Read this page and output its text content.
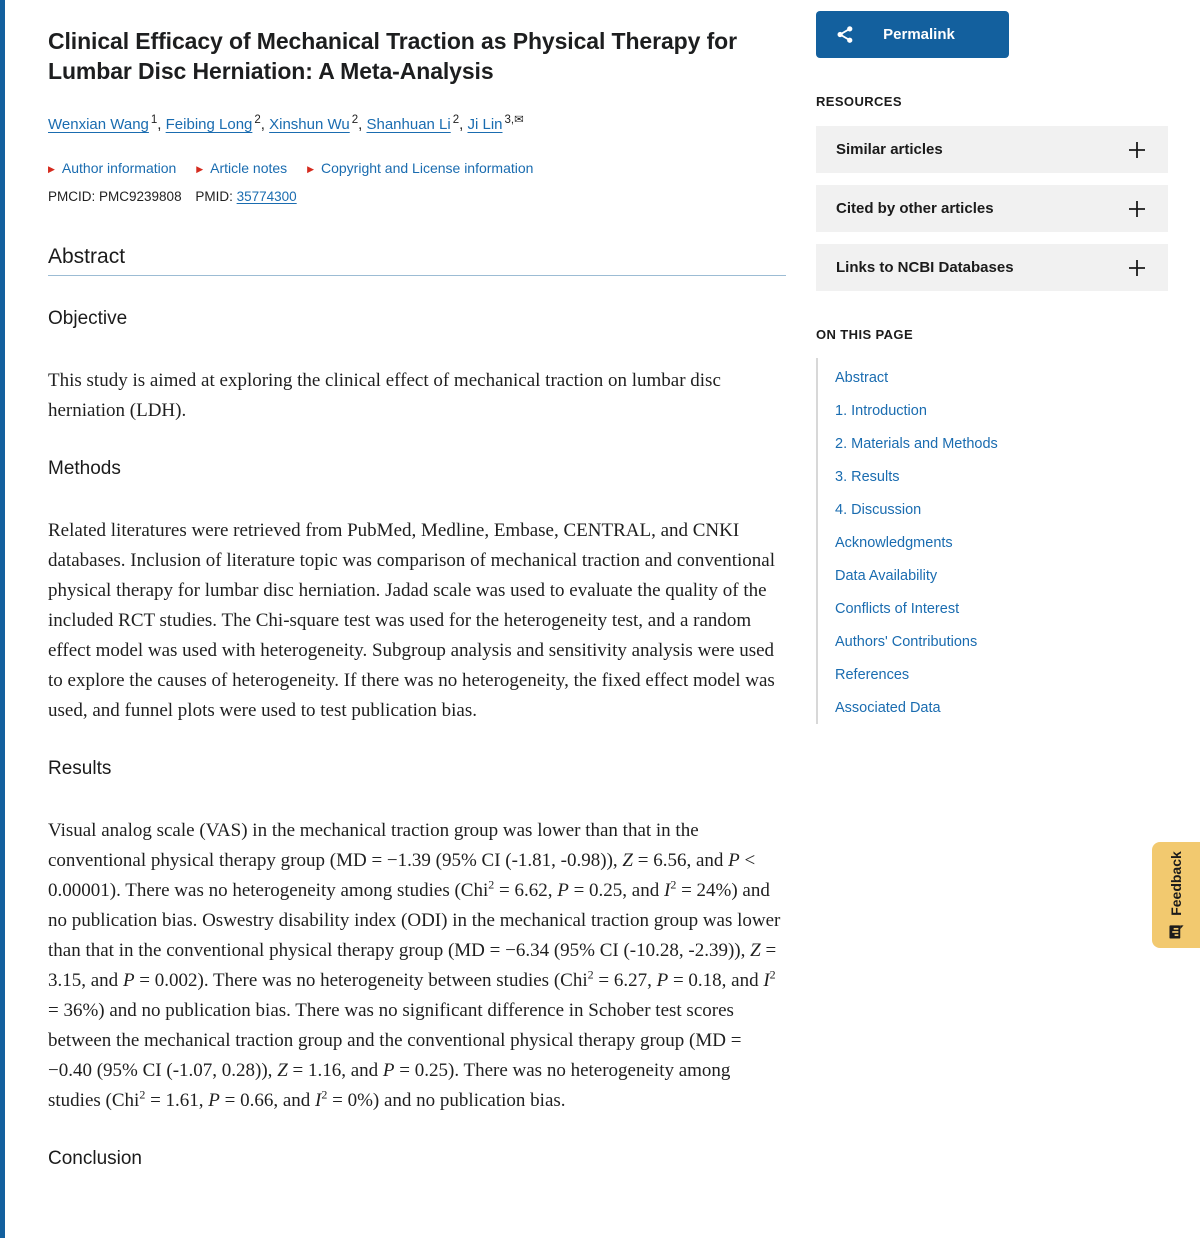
Clinical Efficacy of Mechanical Traction as Physical Therapy for Lumbar Disc Herniation: A Meta-Analysis
Wenxian Wang $^1$, Feibing Long $^2$, Xinshun Wu $^2$, Shanhuan Li $^2$, Ji Lin $^{3,✉}$
▶ Author information ▶ Article notes ▶ Copyright and License information
PMCID: PMC9239808 PMID: 35774300
Abstract
Objective

This study is aimed at exploring the clinical effect of mechanical traction on lumbar disc herniation (LDH).

Methods

Related literatures were retrieved from PubMed, Medline, Embase, CENTRAL, and CNKI databases. Inclusion of literature topic was comparison of mechanical traction and conventional physical therapy for lumbar disc herniation. Jadad scale was used to evaluate the quality of the included RCT studies. The Chi-square test was used for the heterogeneity test, and a random effect model was used with heterogeneity. Subgroup analysis and sensitivity analysis were used to explore the causes of heterogeneity. If there was no heterogeneity, the fixed effect model was used, and funnel plots were used to test publication bias.

Results

Visual analog scale (VAS) in the mechanical traction group was lower than that in the conventional physical therapy group (MD = −1.39 (95% CI (-1.81, -0.98)), Z = 6.56, and P < 0.00001). There was no heterogeneity among studies (Chi$^2$ = 6.62, P = 0.25, and $I^2 = 24\%$) and no publication bias. Oswestry disability index (ODI) in the mechanical traction group was lower than that in the conventional physical therapy group (MD = −6.34 (95% CI (-10.28, -2.39)), Z = 3.15, and P = 0.002). There was no heterogeneity between studies (Chi$^2$ = 6.27, P = 0.18, and $I^2 = 36\%$) and no publication bias. There was no significant difference in Schober test scores between the mechanical traction group and the conventional physical therapy group (MD = −0.40 (95% CI (-1.07, 0.28)), Z = 1.16, and P = 0.25). There was no heterogeneity among studies (Chi$^2$ = 1.61, P = 0.66, and $I^2 = 0\%$) and no publication bias.

Conclusion
Permalink
RESOURCES
Similar articles
Cited by other articles
Links to NCBI Databases
ON THIS PAGE
Abstract
1. Introduction
2. Materials and Methods
3. Results
4. Discussion
Acknowledgments
Data Availability
Conflicts of Interest
Authors' Contributions
References
Associated Data
Feedback
